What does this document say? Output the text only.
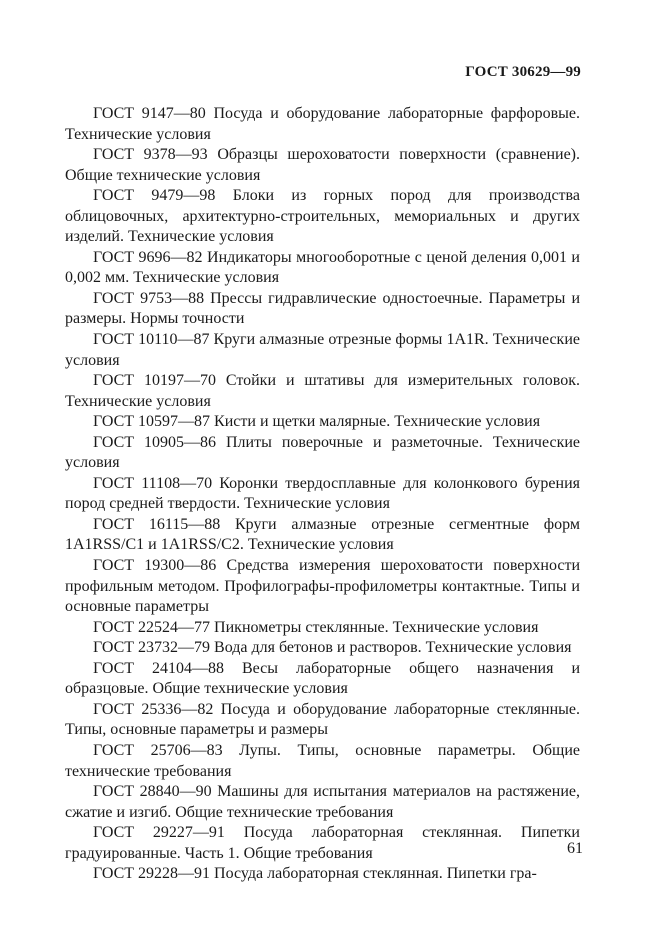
ГОСТ 30629—99

ГОСТ 9147—80 Посуда и оборудование лабораторные фарфоровые. Технические условия

ГОСТ 9378—93 Образцы шероховатости поверхности (сравнение). Общие технические условия

ГОСТ 9479—98 Блоки из горных пород для производства облицовочных, архитектурно-строительных, мемориальных и других изделий. Технические условия

ГОСТ 9696—82 Индикаторы многооборотные с ценой деления 0,001 и 0,002 мм. Технические условия

ГОСТ 9753—88 Прессы гидравлические одностоечные. Параметры и размеры. Нормы точности

ГОСТ 10110—87 Круги алмазные отрезные формы 1A1R. Технические условия

ГОСТ 10197—70 Стойки и штативы для измерительных головок. Технические условия

ГОСТ 10597—87 Кисти и щетки малярные. Технические условия

ГОСТ 10905—86 Плиты поверочные и разметочные. Технические условия

ГОСТ 11108—70 Коронки твердосплавные для колонкового бурения пород средней твердости. Технические условия

ГОСТ 16115—88 Круги алмазные отрезные сегментные форм 1A1RSS/C1 и 1A1RSS/C2. Технические условия

ГОСТ 19300—86 Средства измерения шероховатости поверхности профильным методом. Профилографы-профилометры контактные. Типы и основные параметры

ГОСТ 22524—77 Пикнометры стеклянные. Технические условия

ГОСТ 23732—79 Вода для бетонов и растворов. Технические условия

ГОСТ 24104—88 Весы лабораторные общего назначения и образцовые. Общие технические условия

ГОСТ 25336—82 Посуда и оборудование лабораторные стеклянные. Типы, основные параметры и размеры

ГОСТ 25706—83 Лупы. Типы, основные параметры. Общие технические требования

ГОСТ 28840—90 Машины для испытания материалов на растяжение, сжатие и изгиб. Общие технические требования

ГОСТ 29227—91 Посуда лабораторная стеклянная. Пипетки градуированные. Часть 1. Общие требования

ГОСТ 29228—91 Посуда лабораторная стеклянная. Пипетки гра-

61
